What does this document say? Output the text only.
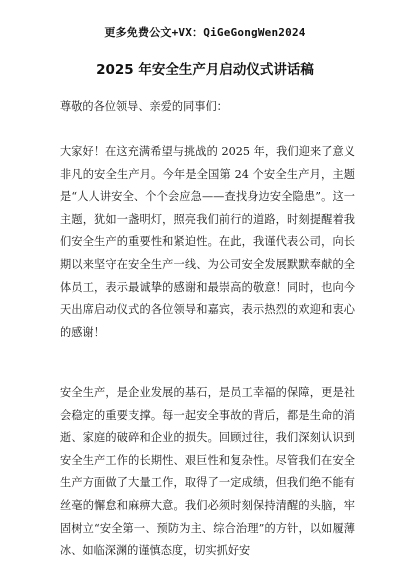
更多免费公文+VX：QiGeGongWen2024
2025 年安全生产月启动仪式讲话稿
尊敬的各位领导、亲爱的同事们：
大家好！在这充满希望与挑战的 2025 年，我们迎来了意义非凡的安全生产月。今年是全国第 24 个安全生产月，主题是“人人讲安全、个个会应急——查找身边安全隐患”。这一主题，犹如一盏明灯，照亮我们前行的道路，时刻提醒着我们安全生产的重要性和紧迫性。在此，我谨代表公司，向长期以来坚守在安全生产一线、为公司安全发展默默奉献的全体员工，表示最诚挚的感谢和最崇高的敬意！同时，也向今天出席启动仪式的各位领导和嘉宾，表示热烈的欢迎和衷心的感谢！
安全生产，是企业发展的基石，是员工幸福的保障，更是社会稳定的重要支撑。每一起安全事故的背后，都是生命的消逝、家庭的破碎和企业的损失。回顾过往，我们深刻认识到安全生产工作的长期性、艰巨性和复杂性。尽管我们在安全生产方面做了大量工作，取得了一定成绩，但我们绝不能有丝毫的懈怠和麻痹大意。我们必须时刻保持清醒的头脑，牢固树立“安全第一、预防为主、综合治理”的方针，以如履薄冰、如临深渊的谨慎态度，切实抓好安
